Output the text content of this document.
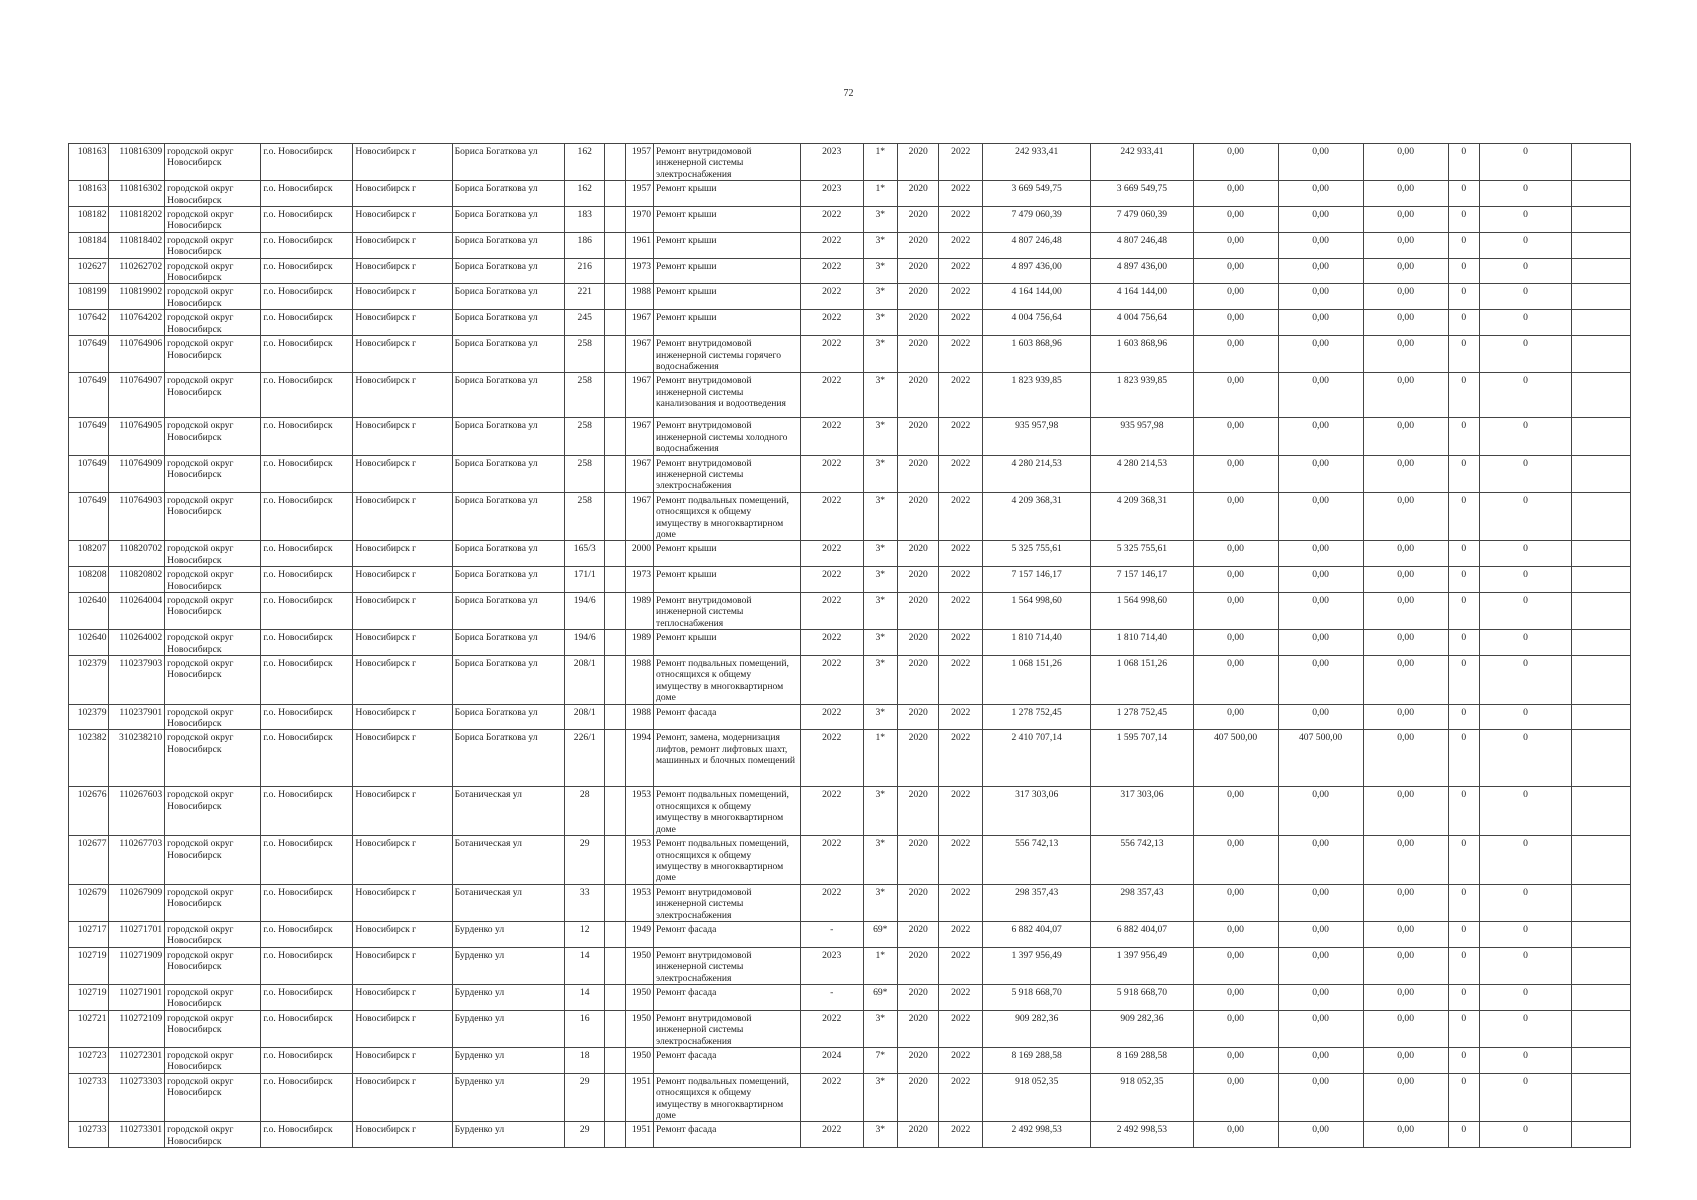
72
108163	110816309	городской округ Новосибирск	г.о. Новосибирск	Новосибирск г	Бориса Богаткова ул	162		1957	Ремонт внутридомовой инженерной системы электроснабжения	2023	1*	2020	2022	242 933,41	242 933,41	0,00	0,00	0,00	0	0	
108163	110816302	городской округ Новосибирск	г.о. Новосибирск	Новосибирск г	Бориса Богаткова ул	162		1957	Ремонт крыши	2023	1*	2020	2022	3 669 549,75	3 669 549,75	0,00	0,00	0,00	0	0	
108182	110818202	городской округ Новосибирск	г.о. Новосибирск	Новосибирск г	Бориса Богаткова ул	183		1970	Ремонт крыши	2022	3*	2020	2022	7 479 060,39	7 479 060,39	0,00	0,00	0,00	0	0	
108184	110818402	городской округ Новосибирск	г.о. Новосибирск	Новосибирск г	Бориса Богаткова ул	186		1961	Ремонт крыши	2022	3*	2020	2022	4 807 246,48	4 807 246,48	0,00	0,00	0,00	0	0	
102627	110262702	городской округ Новосибирск	г.о. Новосибирск	Новосибирск г	Бориса Богаткова ул	216		1973	Ремонт крыши	2022	3*	2020	2022	4 897 436,00	4 897 436,00	0,00	0,00	0,00	0	0	
108199	110819902	городской округ Новосибирск	г.о. Новосибирск	Новосибирск г	Бориса Богаткова ул	221		1988	Ремонт крыши	2022	3*	2020	2022	4 164 144,00	4 164 144,00	0,00	0,00	0,00	0	0	
107642	110764202	городской округ Новосибирск	г.о. Новосибирск	Новосибирск г	Бориса Богаткова ул	245		1967	Ремонт крыши	2022	3*	2020	2022	4 004 756,64	4 004 756,64	0,00	0,00	0,00	0	0	
107649	110764906	городской округ Новосибирск	г.о. Новосибирск	Новосибирск г	Бориса Богаткова ул	258		1967	Ремонт внутридомовой инженерной системы горячего водоснабжения	2022	3*	2020	2022	1 603 868,96	1 603 868,96	0,00	0,00	0,00	0	0	
107649	110764907	городской округ Новосибирск	г.о. Новосибирск	Новосибирск г	Бориса Богаткова ул	258		1967	Ремонт внутридомовой инженерной системы канализования и водоотведения	2022	3*	2020	2022	1 823 939,85	1 823 939,85	0,00	0,00	0,00	0	0	
107649	110764905	городской округ Новосибирск	г.о. Новосибирск	Новосибирск г	Бориса Богаткова ул	258		1967	Ремонт внутридомовой инженерной системы холодного водоснабжения	2022	3*	2020	2022	935 957,98	935 957,98	0,00	0,00	0,00	0	0	
107649	110764909	городской округ Новосибирск	г.о. Новосибирск	Новосибирск г	Бориса Богаткова ул	258		1967	Ремонт внутридомовой инженерной системы электроснабжения	2022	3*	2020	2022	4 280 214,53	4 280 214,53	0,00	0,00	0,00	0	0	
107649	110764903	городской округ Новосибирск	г.о. Новосибирск	Новосибирск г	Бориса Богаткова ул	258		1967	Ремонт подвальных помещений, относящихся к общему имуществу в многоквартирном доме	2022	3*	2020	2022	4 209 368,31	4 209 368,31	0,00	0,00	0,00	0	0	
108207	110820702	городской округ Новосибирск	г.о. Новосибирск	Новосибирск г	Бориса Богаткова ул	165/3		2000	Ремонт крыши	2022	3*	2020	2022	5 325 755,61	5 325 755,61	0,00	0,00	0,00	0	0	
108208	110820802	городской округ Новосибирск	г.о. Новосибирск	Новосибирск г	Бориса Богаткова ул	171/1		1973	Ремонт крыши	2022	3*	2020	2022	7 157 146,17	7 157 146,17	0,00	0,00	0,00	0	0	
102640	110264004	городской округ Новосибирск	г.о. Новосибирск	Новосибирск г	Бориса Богаткова ул	194/6		1989	Ремонт внутридомовой инженерной системы теплоснабжения	2022	3*	2020	2022	1 564 998,60	1 564 998,60	0,00	0,00	0,00	0	0	
102640	110264002	городской округ Новосибирск	г.о. Новосибирск	Новосибирск г	Бориса Богаткова ул	194/6		1989	Ремонт крыши	2022	3*	2020	2022	1 810 714,40	1 810 714,40	0,00	0,00	0,00	0	0	
102379	110237903	городской округ Новосибирск	г.о. Новосибирск	Новосибирск г	Бориса Богаткова ул	208/1		1988	Ремонт подвальных помещений, относящихся к общему имуществу в многоквартирном доме	2022	3*	2020	2022	1 068 151,26	1 068 151,26	0,00	0,00	0,00	0	0	
102379	110237901	городской округ Новосибирск	г.о. Новосибирск	Новосибирск г	Бориса Богаткова ул	208/1		1988	Ремонт фасада	2022	3*	2020	2022	1 278 752,45	1 278 752,45	0,00	0,00	0,00	0	0	
102382	310238210	городской округ Новосибирск	г.о. Новосибирск	Новосибирск г	Бориса Богаткова ул	226/1		1994	Ремонт, замена, модернизация лифтов, ремонт лифтовых шахт, машинных и блочных помещений	2022	1*	2020	2022	2 410 707,14	1 595 707,14	407 500,00	407 500,00	0,00	0	0	
102676	110267603	городской округ Новосибирск	г.о. Новосибирск	Новосибирск г	Ботаническая ул	28		1953	Ремонт подвальных помещений, относящихся к общему имуществу в многоквартирном доме	2022	3*	2020	2022	317 303,06	317 303,06	0,00	0,00	0,00	0	0	
102677	110267703	городской округ Новосибирск	г.о. Новосибирск	Новосибирск г	Ботаническая ул	29		1953	Ремонт подвальных помещений, относящихся к общему имуществу в многоквартирном доме	2022	3*	2020	2022	556 742,13	556 742,13	0,00	0,00	0,00	0	0	
102679	110267909	городской округ Новосибирск	г.о. Новосибирск	Новосибирск г	Ботаническая ул	33		1953	Ремонт внутридомовой инженерной системы электроснабжения	2022	3*	2020	2022	298 357,43	298 357,43	0,00	0,00	0,00	0	0	
102717	110271701	городской округ Новосибирск	г.о. Новосибирск	Новосибирск г	Бурденко ул	12		1949	Ремонт фасада	-	69*	2020	2022	6 882 404,07	6 882 404,07	0,00	0,00	0,00	0	0	
102719	110271909	городской округ Новосибирск	г.о. Новосибирск	Новосибирск г	Бурденко ул	14		1950	Ремонт внутридомовой инженерной системы электроснабжения	2023	1*	2020	2022	1 397 956,49	1 397 956,49	0,00	0,00	0,00	0	0	
102719	110271901	городской округ Новосибирск	г.о. Новосибирск	Новосибирск г	Бурденко ул	14		1950	Ремонт фасада	-	69*	2020	2022	5 918 668,70	5 918 668,70	0,00	0,00	0,00	0	0	
102721	110272109	городской округ Новосибирск	г.о. Новосибирск	Новосибирск г	Бурденко ул	16		1950	Ремонт внутридомовой инженерной системы электроснабжения	2022	3*	2020	2022	909 282,36	909 282,36	0,00	0,00	0,00	0	0	
102723	110272301	городской округ Новосибирск	г.о. Новосибирск	Новосибирск г	Бурденко ул	18		1950	Ремонт фасада	2024	7*	2020	2022	8 169 288,58	8 169 288,58	0,00	0,00	0,00	0	0	
102733	110273303	городской округ Новосибирск	г.о. Новосибирск	Новосибирск г	Бурденко ул	29		1951	Ремонт подвальных помещений, относящихся к общему имуществу в многоквартирном доме	2022	3*	2020	2022	918 052,35	918 052,35	0,00	0,00	0,00	0	0	
102733	110273301	городской округ Новосибирск	г.о. Новосибирск	Новосибирск г	Бурденко ул	29		1951	Ремонт фасада	2022	3*	2020	2022	2 492 998,53	2 492 998,53	0,00	0,00	0,00	0	0	
